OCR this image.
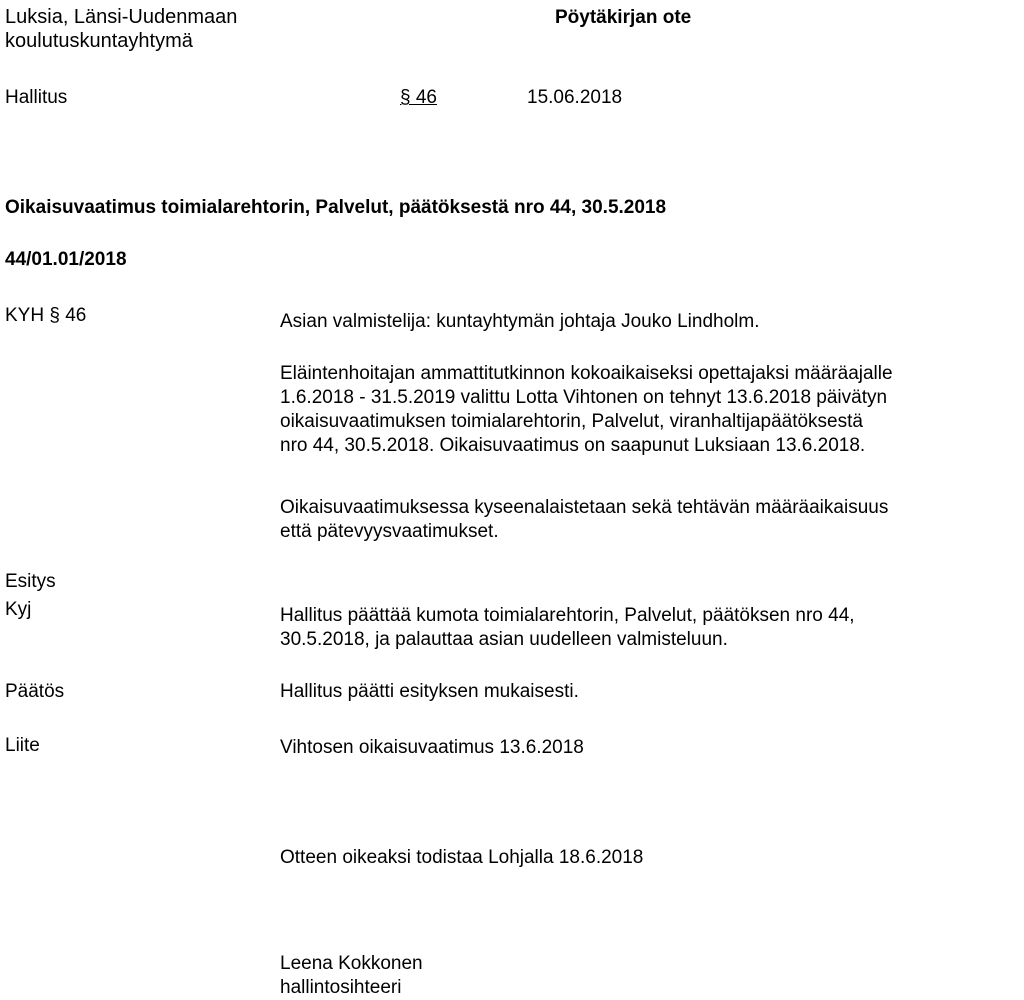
Luksia, Länsi-Uudenmaan
koulutuskuntayhtymä
Pöytäkirjan ote
Hallitus	§ 46	15.06.2018
Oikaisuvaatimus toimialarehtorin, Palvelut, päätöksestä nro 44, 30.5.2018
44/01.01/2018
KYH § 46	Asian valmistelija: kuntayhtymän johtaja Jouko Lindholm.
Eläintenhoitajan ammattitutkinnon kokoaikaiseksi opettajaksi määräajalle
1.6.2018 - 31.5.2019 valittu Lotta Vihtonen on tehnyt 13.6.2018 päivätyn
oikaisuvaatimuksen toimialarehtorin, Palvelut, viranhaltijapäätöksestä
nro 44, 30.5.2018. Oikaisuvaatimus on saapunut Luksiaan 13.6.2018.
Oikaisuvaatimuksessa kyseenalaistetaan sekä tehtävän määräaikaisuus
että pätevyysvaatimukset.
Esitys
Kyj	Hallitus päättää kumota toimialarehtorin, Palvelut, päätöksen nro 44,
30.5.2018, ja palauttaa asian uudelleen valmisteluun.
Päätös	Hallitus päätti esityksen mukaisesti.
Liite	Vihtosen oikaisuvaatimus 13.6.2018
Otteen oikeaksi todistaa Lohjalla 18.6.2018
Leena Kokkonen
hallintosihteeri
